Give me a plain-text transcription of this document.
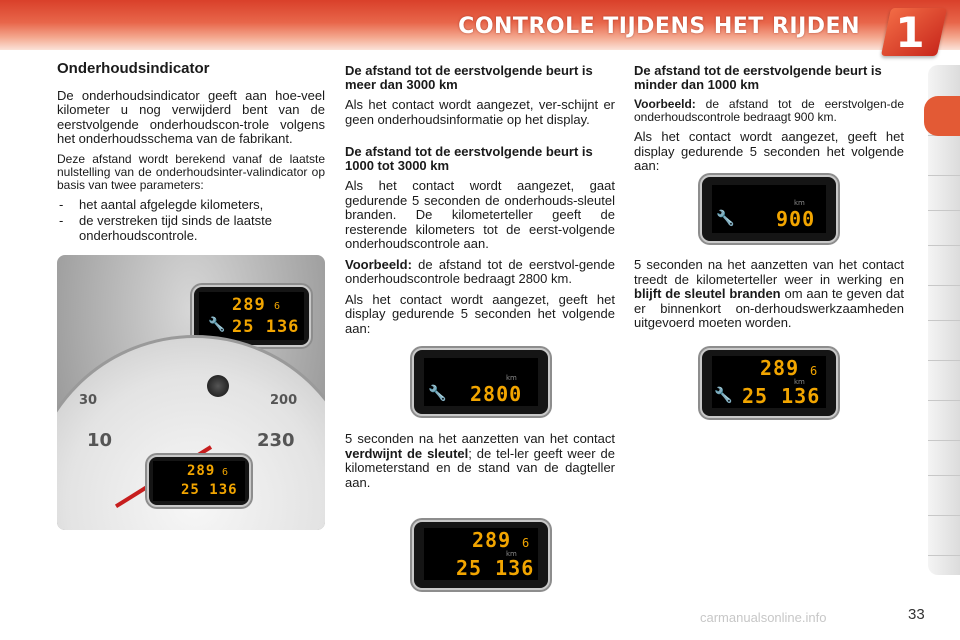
CONTROLE TIJDENS HET RIJDEN 1
Onderhoudsindicator

De onderhoudsindicator geeft aan hoe-veel kilometer u nog verwijderd bent van de eerstvolgende onderhoudscon-trole volgens het onderhoudsschema van de fabrikant.

Deze afstand wordt berekend vanaf de laatste nulstelling van de onderhoudsinter-valindicator op basis van twee parameters:

- het aantal afgelegde kilometers,
- de verstreken tijd sinds de laatste onderhoudscontrole.
289 6
🔧 25 136
30
10
200
230
289 6
25 136
De afstand tot de eerstvolgende beurt is meer dan 3000 km

Als het contact wordt aangezet, ver-schijnt er geen onderhoudsinformatie op het display.

De afstand tot de eerstvolgende beurt is 1000 tot 3000 km

Als het contact wordt aangezet, gaat gedurende 5 seconden de onderhouds-sleutel branden. De kilometerteller geeft de resterende kilometers tot de eerst-volgende onderhoudscontrole aan.

Voorbeeld: de afstand tot de eerstvol-gende onderhoudscontrole bedraagt 2800 km.

Als het contact wordt aangezet, geeft het display gedurende 5 seconden het volgende aan:

km
🔧 2800

5 seconden na het aanzetten van het contact verdwijnt de sleutel; de tel-ler geeft weer de kilometerstand en de stand van de dagteller aan.

289 6
km
25 136
De afstand tot de eerstvolgende beurt is minder dan 1000 km

Voorbeeld: de afstand tot de eerstvolgen-de onderhoudscontrole bedraagt 900 km.

Als het contact wordt aangezet, geeft het display gedurende 5 seconden het volgende aan:

km
🔧 900

5 seconden na het aanzetten van het contact treedt de kilometerteller weer in werking en blijft de sleutel branden om aan te geven dat er binnenkort on-derhoudswerkzaamheden uitgevoerd moeten worden.

289 6
km
🔧 25 136
carmanualsonline.info	33
